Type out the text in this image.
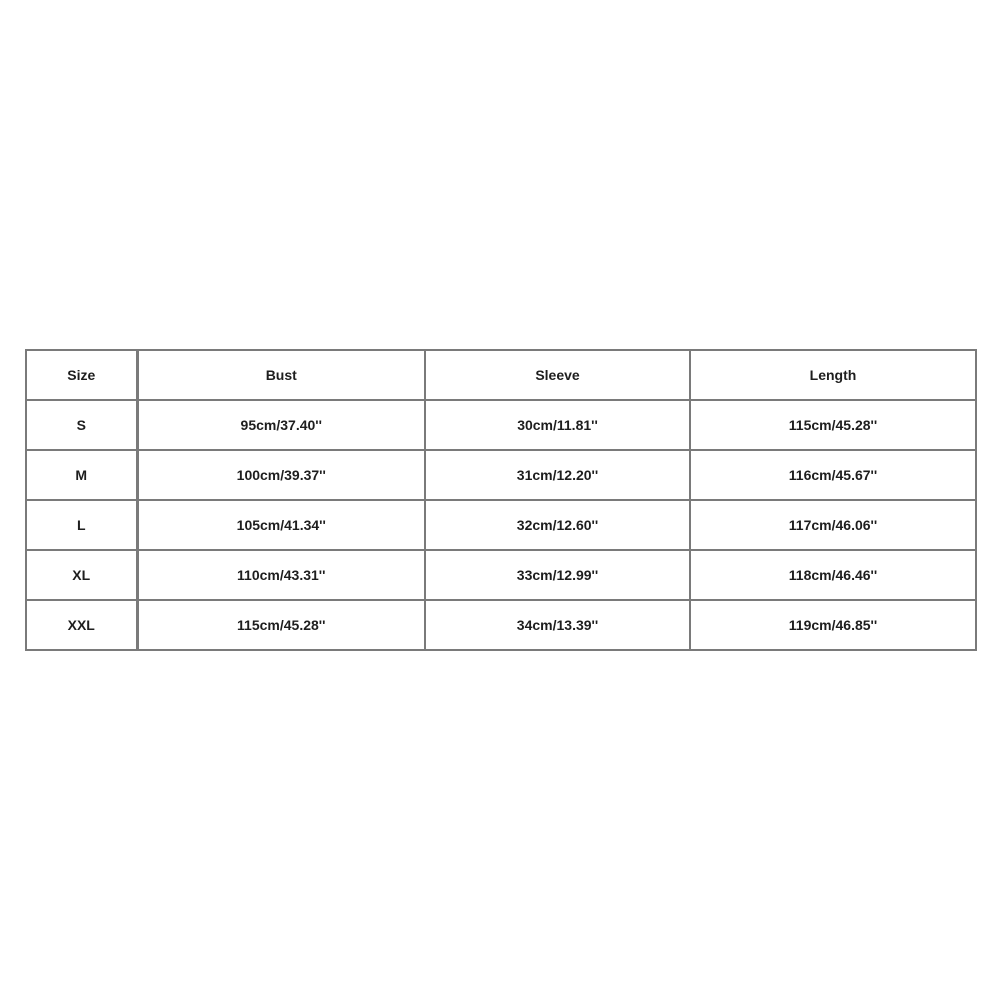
Size	Bust	Sleeve	Length
S	95cm/37.40''	30cm/11.81''	115cm/45.28''
M	100cm/39.37''	31cm/12.20''	116cm/45.67''
L	105cm/41.34''	32cm/12.60''	117cm/46.06''
XL	110cm/43.31''	33cm/12.99''	118cm/46.46''
XXL	115cm/45.28''	34cm/13.39''	119cm/46.85''
